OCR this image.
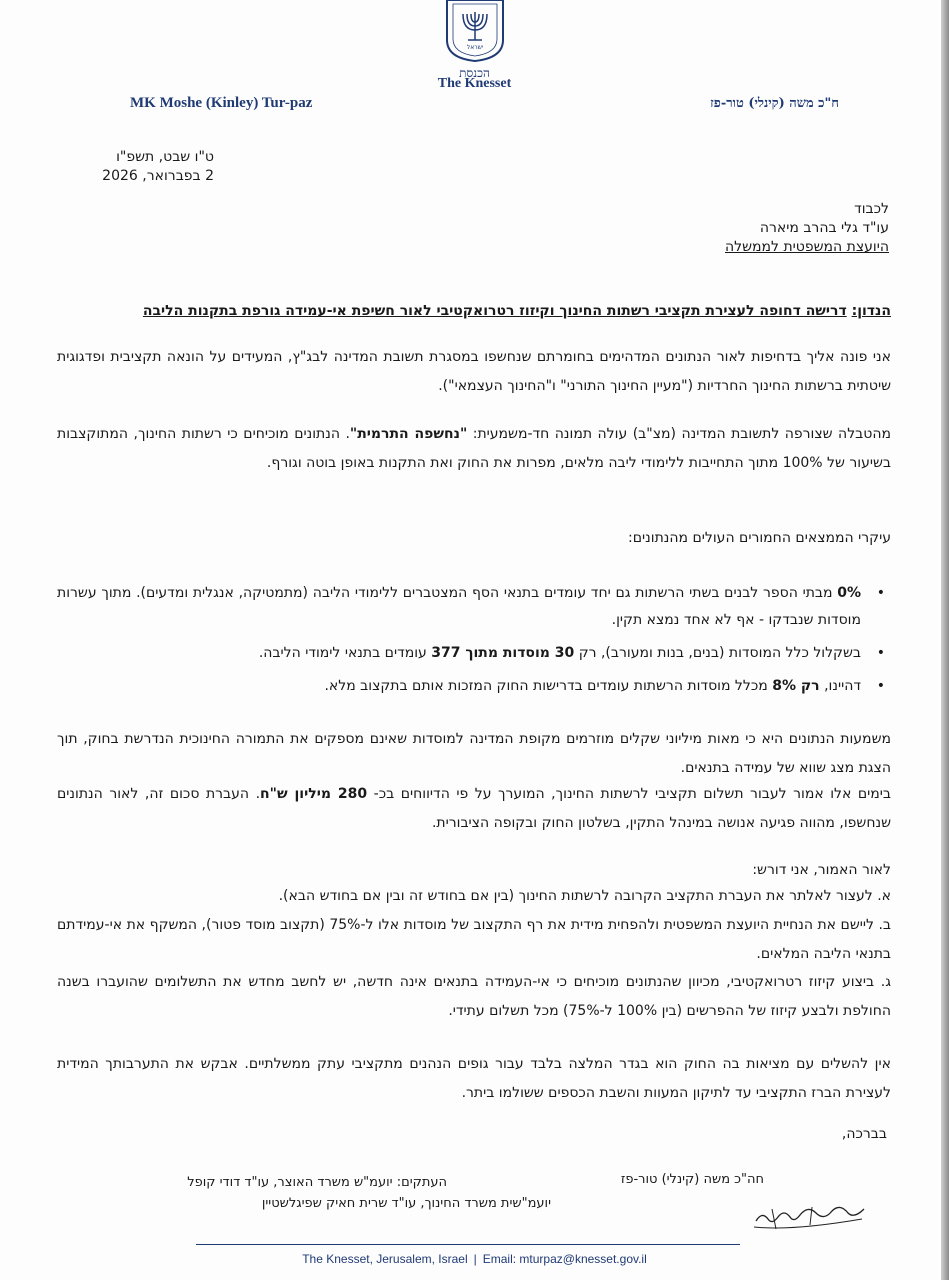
ישראל
הכנסת
The Knesset
MK Moshe (Kinley) Tur-paz	ח"כ משה (קינלי) טור-פז
ט"ו שבט, תשפ"ו
2 בפברואר, 2026
לכבוד
עו"ד גלי בהרב מיארה
היועצת המשפטית לממשלה
הנדון: דרישה דחופה לעצירת תקציבי רשתות החינוך וקיזוז רטרואקטיבי לאור חשיפת אי-עמידה גורפת בתקנות הליבה
אני פונה אליך בדחיפות לאור הנתונים המדהימים בחומרתם שנחשפו במסגרת תשובת המדינה לבג"ץ, המעידים על הונאה תקציבית ופדגוגית שיטתית ברשתות החינוך החרדיות ("מעיין החינוך התורני" ו"החינוך העצמאי").
מהטבלה שצורפה לתשובת המדינה (מצ"ב) עולה תמונה חד-משמעית: "נחשפה התרמית". הנתונים מוכיחים כי רשתות החינוך, המתוקצבות בשיעור של 100% מתוך התחייבות ללימודי ליבה מלאים, מפרות את החוק ואת התקנות באופן בוטה וגורף.
עיקרי הממצאים החמורים העולים מהנתונים:
•
0% מבתי הספר לבנים בשתי הרשתות גם יחד עומדים בתנאי הסף המצטברים ללימודי הליבה (מתמטיקה, אנגלית ומדעים). מתוך עשרות מוסדות שנבדקו - אף לא אחד נמצא תקין.
•
בשקלול כלל המוסדות (בנים, בנות ומעורב), רק 30 מוסדות מתוך 377 עומדים בתנאי לימודי הליבה.
•
דהיינו, רק 8% מכלל מוסדות הרשתות עומדים בדרישות החוק המזכות אותם בתקצוב מלא.
משמעות הנתונים היא כי מאות מיליוני שקלים מוזרמים מקופת המדינה למוסדות שאינם מספקים את התמורה החינוכית הנדרשת בחוק, תוך הצגת מצג שווא של עמידה בתנאים.
בימים אלו אמור לעבור תשלום תקציבי לרשתות החינוך, המוערך על פי הדיווחים בכ- 280 מיליון ש"ח. העברת סכום זה, לאור הנתונים שנחשפו, מהווה פגיעה אנושה במינהל התקין, בשלטון החוק ובקופה הציבורית.
לאור האמור, אני דורש:
א. לעצור לאלתר את העברת התקציב הקרובה לרשתות החינוך (בין אם בחודש זה ובין אם בחודש הבא).
ב. ליישם את הנחיית היועצת המשפטית ולהפחית מידית את רף התקצוב של מוסדות אלו ל-75% (תקצוב מוסד פטור), המשקף את אי-עמידתם בתנאי הליבה המלאים.
ג. ביצוע קיזוז רטרואקטיבי, מכיוון שהנתונים מוכיחים כי אי-העמידה בתנאים אינה חדשה, יש לחשב מחדש את התשלומים שהועברו בשנה החולפת ולבצע קיזוז של ההפרשים (בין 100% ל-75%) מכל תשלום עתידי.
אין להשלים עם מציאות בה החוק הוא בגדר המלצה בלבד עבור גופים הנהנים מתקציבי עתק ממשלתיים. אבקש את התערבותך המידית לעצירת הברז התקציבי עד לתיקון המעוות והשבת הכספים ששולמו ביתר.
בברכה,
חה"כ משה (קינלי) טור-פז
העתקים: יועמ"ש משרד האוצר, עו"ד דודי קופל
יועמ"שית משרד החינוך, עו"ד שרית חאיק שפיגלשטיין
The Knesset, Jerusalem, Israel | Email: mturpaz@knesset.gov.il
